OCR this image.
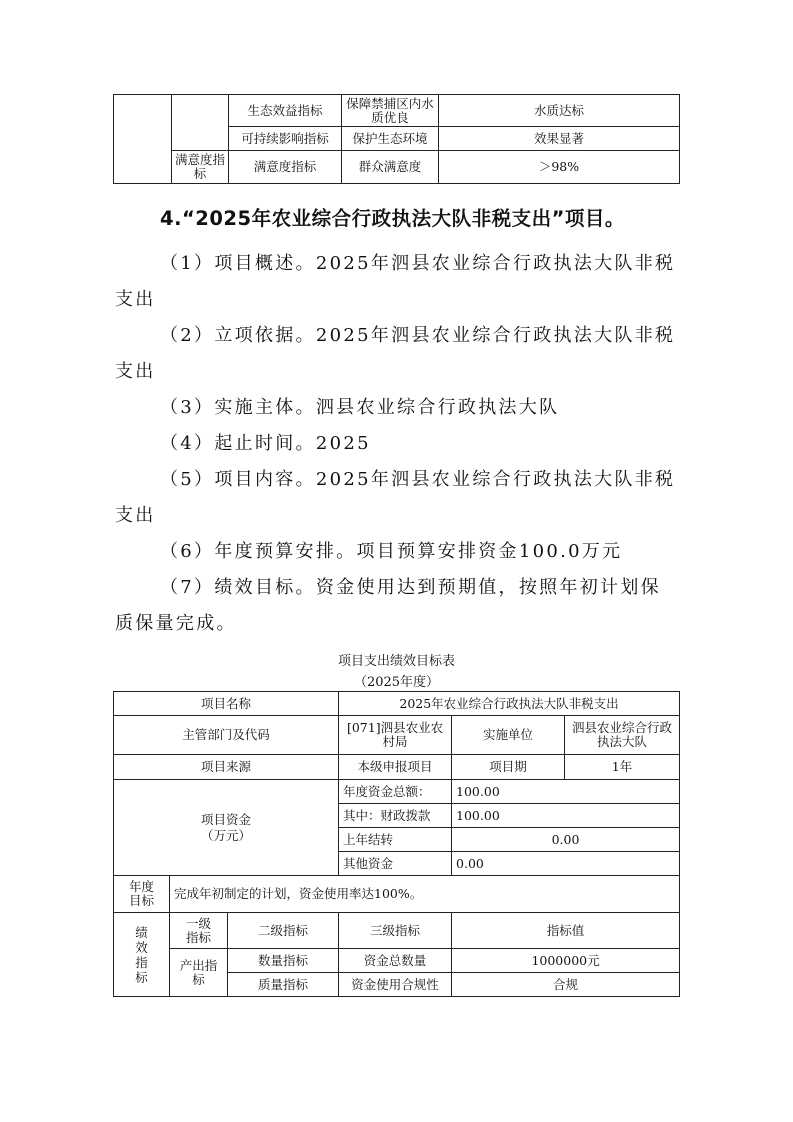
		生态效益指标	保障禁捕区内水质优良	水质达标
		可持续影响指标	保护生态环境	效果显著
	满意度指标	满意度指标	群众满意度	＞98%
4.“2025年农业综合行政执法大队非税支出”项目。

（1）项目概述。2025年泗县农业综合行政执法大队非税支出

（2）立项依据。2025年泗县农业综合行政执法大队非税支出

（3）实施主体。泗县农业综合行政执法大队

（4）起止时间。2025

（5）项目内容。2025年泗县农业综合行政执法大队非税支出

（6）年度预算安排。项目预算安排资金100.0万元

（7）绩效目标。资金使用达到预期值，按照年初计划保质保量完成。

项目支出绩效目标表
（2025年度）
项目名称			2025年农业综合行政执法大队非税支出		
主管部门及代码			[071]泗县农业农村局	实施单位	泗县农业综合行政执法大队
项目来源			本级申报项目	项目期	1年
项目资金（万元）			年度资金总额：	100.00	
			其中：财政拨款	100.00	
			上年结转	0.00	
			其他资金	0.00	
年度目标	完成年初制定的计划，资金使用率达100%。				
绩效指标	一级指标	二级指标	三级指标	指标值	
	产出指标	数量指标	资金总数量	1000000元	
		质量指标	资金使用合规性	合规	
